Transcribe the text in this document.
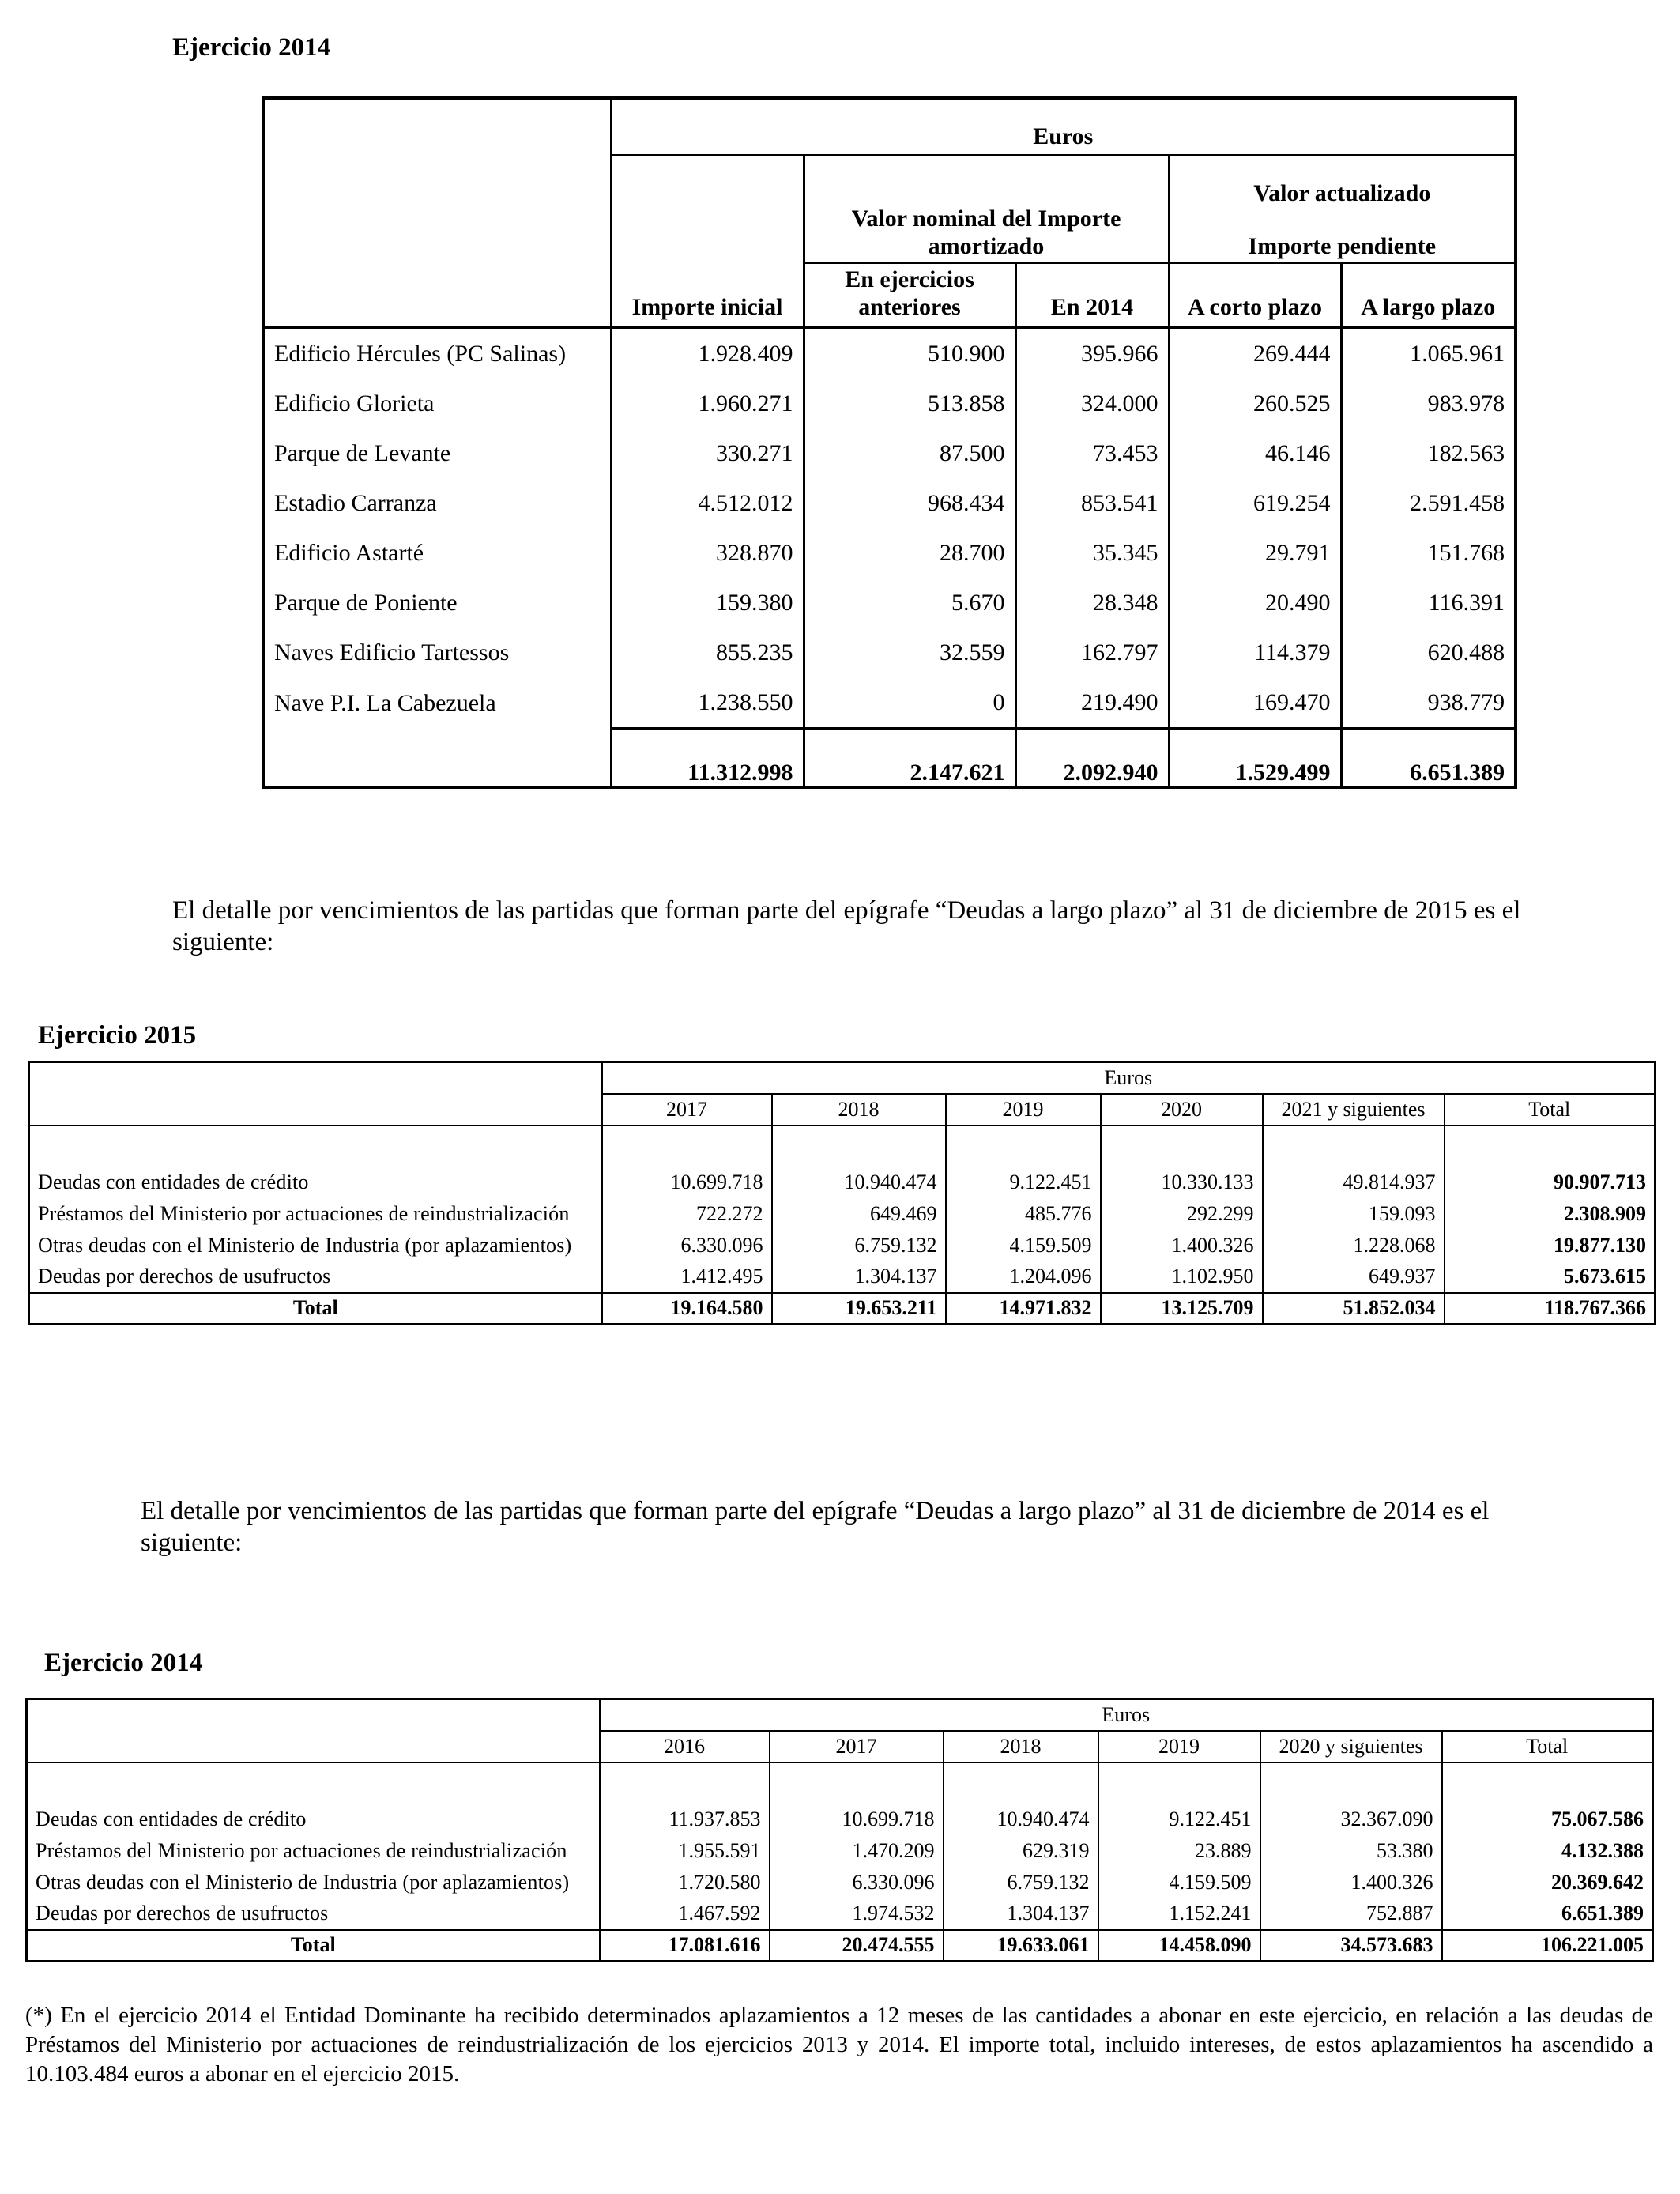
Ejercicio 2014
	Euros				
		Valor nominal del Importe amortizado		Valor actualizado
Importe pendiente	

	Importe inicial	En ejercicios anteriores	En 2014	A corto plazo	A largo plazo
Edificio Hércules (PC Salinas)	1.928.409	510.900	395.966	269.444	1.065.961
Edificio Glorieta	1.960.271	513.858	324.000	260.525	983.978
Parque de Levante	330.271	87.500	73.453	46.146	182.563
Estadio Carranza	4.512.012	968.434	853.541	619.254	2.591.458
Edificio Astarté	328.870	28.700	35.345	29.791	151.768
Parque de Poniente	159.380	5.670	28.348	20.490	116.391
Naves Edificio Tartessos	855.235	32.559	162.797	114.379	620.488
Nave P.I. La Cabezuela	1.238.550	0	219.490	169.470	938.779
	11.312.998	2.147.621	2.092.940	1.529.499	6.651.389
El detalle por vencimientos de las partidas que forman parte del epígrafe “Deudas a largo plazo” al 31 de diciembre de 2015 es el siguiente:
Ejercicio 2015
	Euros					
	2017	2018	2019	2020	2021 y siguientes	Total

Deudas con entidades de crédito	10.699.718	10.940.474	9.122.451	10.330.133	49.814.937	90.907.713
Préstamos del Ministerio por actuaciones de reindustrialización	722.272	649.469	485.776	292.299	159.093	2.308.909
Otras deudas con el Ministerio de Industria (por aplazamientos)	6.330.096	6.759.132	4.159.509	1.400.326	1.228.068	19.877.130
Deudas por derechos de usufructos	1.412.495	1.304.137	1.204.096	1.102.950	649.937	5.673.615
Total	19.164.580	19.653.211	14.971.832	13.125.709	51.852.034	118.767.366
El detalle por vencimientos de las partidas que forman parte del epígrafe “Deudas a largo plazo” al 31 de diciembre de 2014 es el siguiente:
Ejercicio 2014
	Euros					
	2016	2017	2018	2019	2020 y siguientes	Total

Deudas con entidades de crédito	11.937.853	10.699.718	10.940.474	9.122.451	32.367.090	75.067.586
Préstamos del Ministerio por actuaciones de reindustrialización	1.955.591	1.470.209	629.319	23.889	53.380	4.132.388
Otras deudas con el Ministerio de Industria (por aplazamientos)	1.720.580	6.330.096	6.759.132	4.159.509	1.400.326	20.369.642
Deudas por derechos de usufructos	1.467.592	1.974.532	1.304.137	1.152.241	752.887	6.651.389
Total	17.081.616	20.474.555	19.633.061	14.458.090	34.573.683	106.221.005
(*) En el ejercicio 2014 el Entidad Dominante ha recibido determinados aplazamientos a 12 meses de las cantidades a abonar en este ejercicio, en relación a las deudas de Préstamos del Ministerio por actuaciones de reindustrialización de los ejercicios 2013 y 2014. El importe total, incluido intereses, de estos aplazamientos ha ascendido a 10.103.484 euros a abonar en el ejercicio 2015.
